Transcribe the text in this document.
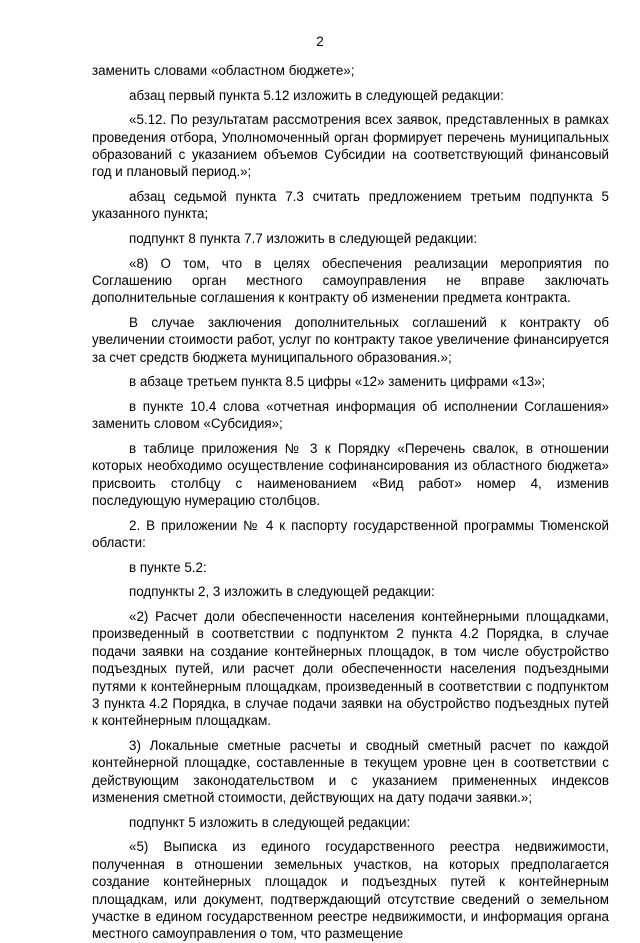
2

заменить словами «областном бюджете»;

абзац первый пункта 5.12 изложить в следующей редакции:

«5.12. По результатам рассмотрения всех заявок, представленных в рамках проведения отбора, Уполномоченный орган формирует перечень муниципальных образований с указанием объемов Субсидии на соответствующий финансовый год и плановый период.»;

абзац седьмой пункта 7.3 считать предложением третьим подпункта 5 указанного пункта;

подпункт 8 пункта 7.7 изложить в следующей редакции:

«8) О том, что в целях обеспечения реализации мероприятия по Соглашению орган местного самоуправления не вправе заключать дополнительные соглашения к контракту об изменении предмета контракта.

В случае заключения дополнительных соглашений к контракту об увеличении стоимости работ, услуг по контракту такое увеличение финансируется за счет средств бюджета муниципального образования.»;

в абзаце третьем пункта 8.5 цифры «12» заменить цифрами «13»;

в пункте 10.4 слова «отчетная информация об исполнении Соглашения» заменить словом «Субсидия»;

в таблице приложения № 3 к Порядку «Перечень свалок, в отношении которых необходимо осуществление софинансирования из областного бюджета» присвоить столбцу с наименованием «Вид работ» номер 4, изменив последующую нумерацию столбцов.

2. В приложении № 4 к паспорту государственной программы Тюменской области:

в пункте 5.2:

подпункты 2, 3 изложить в следующей редакции:

«2) Расчет доли обеспеченности населения контейнерными площадками, произведенный в соответствии с подпунктом 2 пункта 4.2 Порядка, в случае подачи заявки на создание контейнерных площадок, в том числе обустройство подъездных путей, или расчет доли обеспеченности населения подъездными путями к контейнерным площадкам, произведенный в соответствии с подпунктом 3 пункта 4.2 Порядка, в случае подачи заявки на обустройство подъездных путей к контейнерным площадкам.

3) Локальные сметные расчеты и сводный сметный расчет по каждой контейнерной площадке, составленные в текущем уровне цен в соответствии с действующим законодательством и с указанием примененных индексов изменения сметной стоимости, действующих на дату подачи заявки.»;

подпункт 5 изложить в следующей редакции:

«5) Выписка из единого государственного реестра недвижимости, полученная в отношении земельных участков, на которых предполагается создание контейнерных площадок и подъездных путей к контейнерным площадкам, или документ, подтверждающий отсутствие сведений о земельном участке в едином государственном реестре недвижимости, и информация органа местного самоуправления о том, что размещение
